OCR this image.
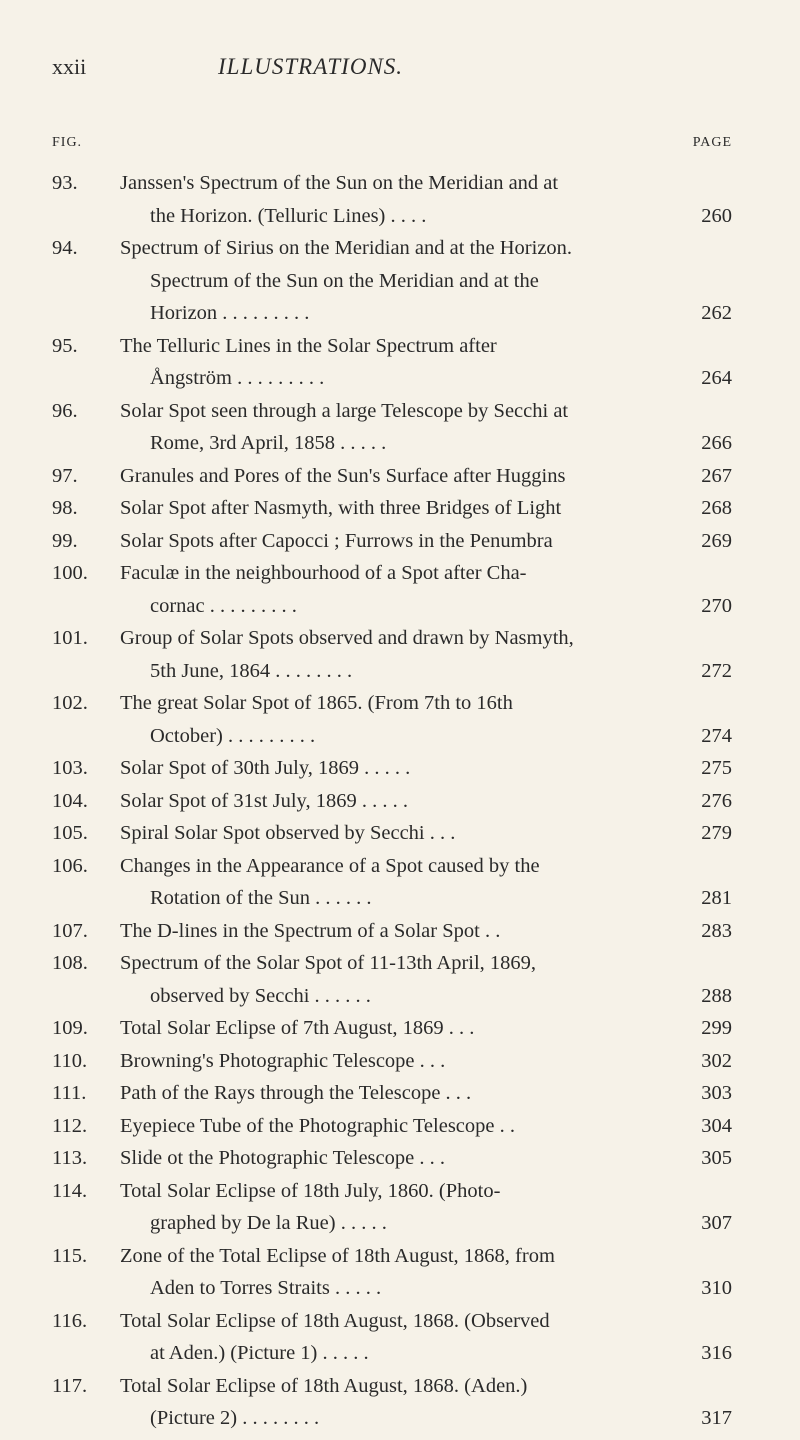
xxii	ILLUSTRATIONS.
FIG.	PAGE
93.	Janssen's Spectrum of the Sun on the Meridian and at
the Horizon. (Telluric Lines) . . . .	260
94.	Spectrum of Sirius on the Meridian and at the Horizon.
Spectrum of the Sun on the Meridian and at the
Horizon . . . . . . . . .	262
95.	The Telluric Lines in the Solar Spectrum after
Ångström . . . . . . . . .	264
96.	Solar Spot seen through a large Telescope by Secchi at
Rome, 3rd April, 1858 . . . . .	266
97.	Granules and Pores of the Sun's Surface after Huggins	267
98.	Solar Spot after Nasmyth, with three Bridges of Light	268
99.	Solar Spots after Capocci ; Furrows in the Penumbra	269
100.	Faculæ in the neighbourhood of a Spot after Cha-
cornac . . . . . . . . .	270
101.	Group of Solar Spots observed and drawn by Nasmyth,
5th June, 1864 . . . . . . . .	272
102.	The great Solar Spot of 1865. (From 7th to 16th
October) . . . . . . . . .	274
103.	Solar Spot of 30th July, 1869 . . . . .	275
104.	Solar Spot of 31st July, 1869 . . . . .	276
105.	Spiral Solar Spot observed by Secchi . . .	279
106.	Changes in the Appearance of a Spot caused by the
Rotation of the Sun . . . . . .	281
107.	The D-lines in the Spectrum of a Solar Spot . .	283
108.	Spectrum of the Solar Spot of 11-13th April, 1869,
observed by Secchi . . . . . .	288
109.	Total Solar Eclipse of 7th August, 1869 . . .	299
110.	Browning's Photographic Telescope . . .	302
111.	Path of the Rays through the Telescope . . .	303
112.	Eyepiece Tube of the Photographic Telescope . .	304
113.	Slide ot the Photographic Telescope . . .	305
114.	Total Solar Eclipse of 18th July, 1860. (Photo-
graphed by De la Rue) . . . . .	307
115.	Zone of the Total Eclipse of 18th August, 1868, from
Aden to Torres Straits . . . . .	310
116.	Total Solar Eclipse of 18th August, 1868. (Observed
at Aden.) (Picture 1) . . . . .	316
117.	Total Solar Eclipse of 18th August, 1868. (Aden.)
(Picture 2) . . . . . . . .	317
